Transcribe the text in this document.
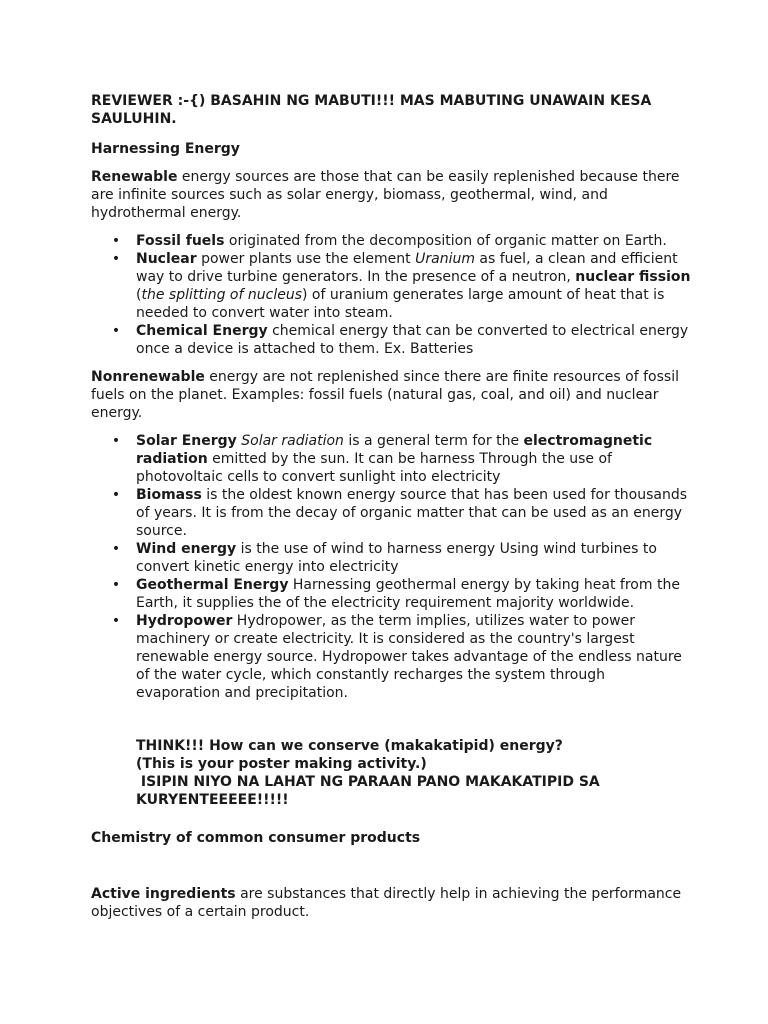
REVIEWER :-{) BASAHIN NG MABUTI!!! MAS MABUTING UNAWAIN KESA SAULUHIN.

Harnessing Energy

Renewable energy sources are those that can be easily replenished because there are infinite sources such as solar energy, biomass, geothermal, wind, and hydrothermal energy.

• Fossil fuels originated from the decomposition of organic matter on Earth.
• Nuclear power plants use the element Uranium as fuel, a clean and efficient way to drive turbine generators. In the presence of a neutron, nuclear fission (the splitting of nucleus) of uranium generates large amount of heat that is needed to convert water into steam.
• Chemical Energy chemical energy that can be converted to electrical energy once a device is attached to them. Ex. Batteries

Nonrenewable energy are not replenished since there are finite resources of fossil fuels on the planet. Examples: fossil fuels (natural gas, coal, and oil) and nuclear energy.

• Solar Energy Solar radiation is a general term for the electromagnetic radiation emitted by the sun. It can be harness Through the use of photovoltaic cells to convert sunlight into electricity
• Biomass is the oldest known energy source that has been used for thousands of years. It is from the decay of organic matter that can be used as an energy source.
• Wind energy is the use of wind to harness energy Using wind turbines to convert kinetic energy into electricity
• Geothermal Energy Harnessing geothermal energy by taking heat from the Earth, it supplies the of the electricity requirement majority worldwide.
• Hydropower Hydropower, as the term implies, utilizes water to power machinery or create electricity. It is considered as the country's largest renewable energy source. Hydropower takes advantage of the endless nature of the water cycle, which constantly recharges the system through evaporation and precipitation.

THINK!!! How can we conserve (makakatipid) energy?

(This is your poster making activity.)

ISIPIN NIYO NA LAHAT NG PARAAN PANO MAKAKATIPID SA KURYENTEEEEE!!!!!

Chemistry of common consumer products

Active ingredients are substances that directly help in achieving the performance objectives of a certain product.
